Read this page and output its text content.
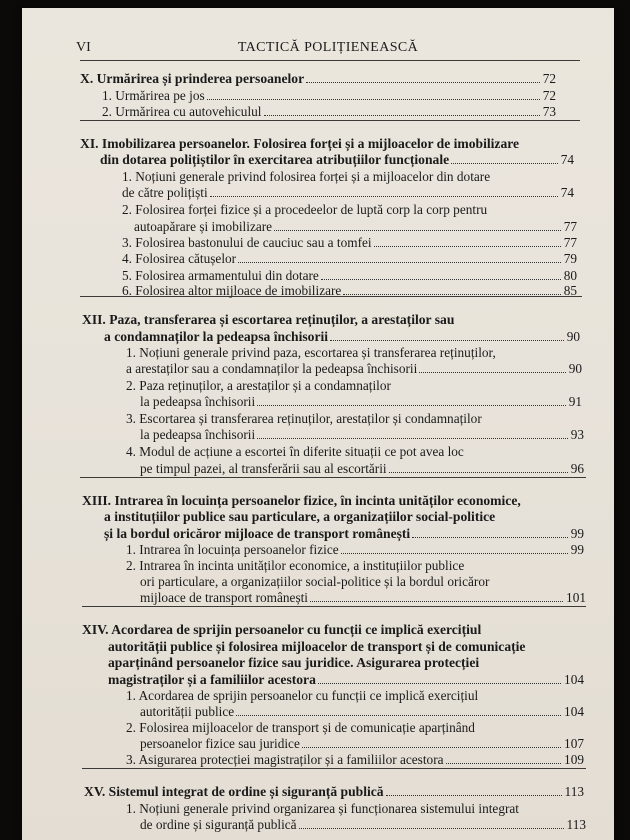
VI	TACTICĂ POLIȚIENEASCĂ
X. Urmărirea și prinderea persoanelor	72
1. Urmărirea pe jos	72
2. Urmărirea cu autovehiculul	73
XI. Imobilizarea persoanelor. Folosirea forței și a mijloacelor de imobilizare
din dotarea polițiștilor în exercitarea atribuțiilor funcționale	74
1. Noțiuni generale privind folosirea forței și a mijloacelor din dotare
de către polițiști	74
2. Folosirea forței fizice și a procedeelor de luptă corp la corp pentru
autoapărare și imobilizare	77
3. Folosirea bastonului de cauciuc sau a tomfei	77
4. Folosirea cătușelor	79
5. Folosirea armamentului din dotare	80
6. Folosirea altor mijloace de imobilizare	85
XII. Paza, transferarea și escortarea reținuților, a arestaților sau
a condamnaților la pedeapsa închisorii	90
1. Noțiuni generale privind paza, escortarea și transferarea reținuților,
a arestaților sau a condamnaților la pedeapsa închisorii	90
2. Paza reținuților, a arestaților și a condamnaților
la pedeapsa închisorii	91
3. Escortarea și transferarea reținuților, arestaților și condamnaților
la pedeapsa închisorii	93
4. Modul de acțiune a escortei în diferite situații ce pot avea loc
pe timpul pazei, al transferării sau al escortării	96
XIII. Intrarea în locuința persoanelor fizice, în incinta unităților economice,
a instituțiilor publice sau particulare, a organizațiilor social-politice
și la bordul oricăror mijloace de transport românești	99
1. Intrarea în locuința persoanelor fizice	99
2. Intrarea în incinta unităților economice, a instituțiilor publice
ori particulare, a organizațiilor social-politice și la bordul oricăror
mijloace de transport românești	101
XIV. Acordarea de sprijin persoanelor cu funcții ce implică exercițiul
autorității publice și folosirea mijloacelor de transport și de comunicație
aparținând persoanelor fizice sau juridice. Asigurarea protecției
magistraților și a familiilor acestora	104
1. Acordarea de sprijin persoanelor cu funcții ce implică exercițiul
autorității publice	104
2. Folosirea mijloacelor de transport și de comunicație aparținând
persoanelor fizice sau juridice	107
3. Asigurarea protecției magistraților și a familiilor acestora	109
XV. Sistemul integrat de ordine și siguranță publică	113
1. Noțiuni generale privind organizarea și funcționarea sistemului integrat
de ordine și siguranță publică	113
